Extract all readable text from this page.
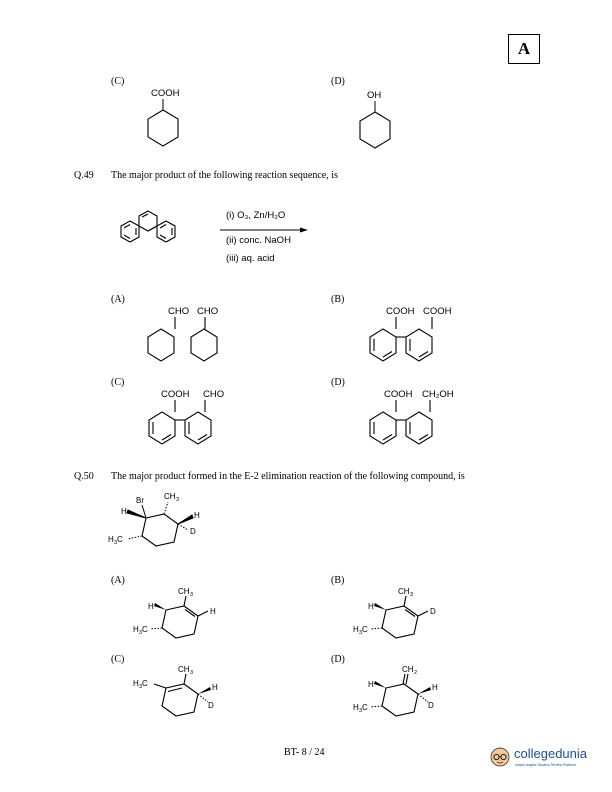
A
(C)	(D)
COOH	OH
Q.49 The major product of the following reaction sequence, is
(i) O₃, Zn/H₂O
(ii) conc. NaOH
(iii) aq. acid
(A)	(B)
(C)	(D)
CHO CHO	COOH COOH
COOH CHO	COOH CH₂OH
Q.50 The major product formed in the E-2 elimination reaction of the following compound, is
Br	CH 3
H
H 3 C
H
D
(A)	(B)
(C)	(D)
CH 3
H
H
H 3 C
CH 3
D
H
H 3 C
CH 3
H 3 C	H
D
CH 2
H
H 3 C
H
D
BT- 8 / 24	collegedunia
India's largest Student Review Platform
